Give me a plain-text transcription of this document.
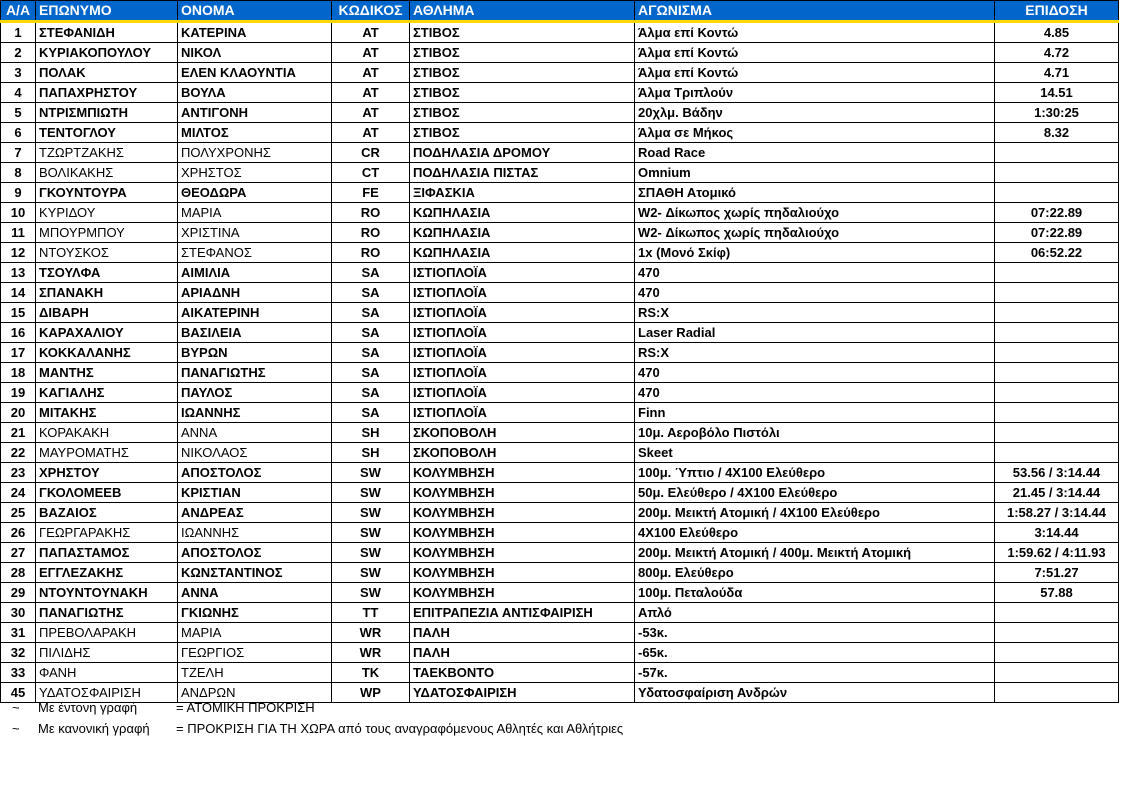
Α/Α	ΕΠΩΝΥΜΟ	ΟΝΟΜΑ	ΚΩΔΙΚΟΣ	ΑΘΛΗΜΑ	ΑΓΩΝΙΣΜΑ	ΕΠΙΔΟΣΗ
1	ΣΤΕΦΑΝΙΔΗ	ΚΑΤΕΡΙΝΑ	AT	ΣΤΙΒΟΣ	Άλμα επί Κοντώ	4.85
2	ΚΥΡΙΑΚΟΠΟΥΛΟΥ	ΝΙΚΟΛ	AT	ΣΤΙΒΟΣ	Άλμα επί Κοντώ	4.72
3	ΠΟΛΑΚ	ΕΛΕΝ ΚΛΑΟΥΝΤΙΑ	AT	ΣΤΙΒΟΣ	Άλμα επί Κοντώ	4.71
4	ΠΑΠΑΧΡΗΣΤΟΥ	ΒΟΥΛΑ	AT	ΣΤΙΒΟΣ	Άλμα Τριπλούν	14.51
5	ΝΤΡΙΣΜΠΙΩΤΗ	ΑΝΤΙΓΟΝΗ	AT	ΣΤΙΒΟΣ	20χλμ. Βάδην	1:30:25
6	ΤΕΝΤΟΓΛΟΥ	ΜΙΛΤΟΣ	AT	ΣΤΙΒΟΣ	Άλμα σε Μήκος	8.32
7	ΤΖΩΡΤΖΑΚΗΣ	ΠΟΛΥΧΡΟΝΗΣ	CR	ΠΟΔΗΛΑΣΙΑ ΔΡΟΜΟΥ	Road Race	
8	ΒΟΛΙΚΑΚΗΣ	ΧΡΗΣΤΟΣ	CT	ΠΟΔΗΛΑΣΙΑ ΠΙΣΤΑΣ	Omnium	
9	ΓΚΟΥΝΤΟΥΡΑ	ΘΕΟΔΩΡΑ	FE	ΞΙΦΑΣΚΙΑ	ΣΠΑΘΗ Ατομικό	
10	ΚΥΡΙΔΟΥ	ΜΑΡΙΑ	RO	ΚΩΠΗΛΑΣΙΑ	W2- Δίκωπος χωρίς πηδαλιούχο	07:22.89
11	ΜΠΟΥΡΜΠΟΥ	ΧΡΙΣΤΙΝΑ	RO	ΚΩΠΗΛΑΣΙΑ	W2- Δίκωπος χωρίς πηδαλιούχο	07:22.89
12	ΝΤΟΥΣΚΟΣ	ΣΤΕΦΑΝΟΣ	RO	ΚΩΠΗΛΑΣΙΑ	1x (Μονό Σκίφ)	06:52.22
13	ΤΣΟΥΛΦΑ	ΑΙΜΙΛΙΑ	SA	ΙΣΤΙΟΠΛΟΪΑ	470	
14	ΣΠΑΝΑΚΗ	ΑΡΙΑΔΝΗ	SA	ΙΣΤΙΟΠΛΟΪΑ	470	
15	ΔΙΒΑΡΗ	ΑΙΚΑΤΕΡΙΝΗ	SA	ΙΣΤΙΟΠΛΟΪΑ	RS:X	
16	ΚΑΡΑΧΑΛΙΟΥ	ΒΑΣΙΛΕΙΑ	SA	ΙΣΤΙΟΠΛΟΪΑ	Laser Radial	
17	ΚΟΚΚΑΛΑΝΗΣ	ΒΥΡΩΝ	SA	ΙΣΤΙΟΠΛΟΪΑ	RS:X	
18	ΜΑΝΤΗΣ	ΠΑΝΑΓΙΩΤΗΣ	SA	ΙΣΤΙΟΠΛΟΪΑ	470	
19	ΚΑΓΙΑΛΗΣ	ΠΑΥΛΟΣ	SA	ΙΣΤΙΟΠΛΟΪΑ	470	
20	ΜΙΤΑΚΗΣ	ΙΩΑΝΝΗΣ	SA	ΙΣΤΙΟΠΛΟΪΑ	Finn	
21	ΚΟΡΑΚΑΚΗ	ΑΝΝΑ	SH	ΣΚΟΠΟΒΟΛΗ	10μ. Αεροβόλο Πιστόλι	
22	ΜΑΥΡΟΜΑΤΗΣ	ΝΙΚΟΛΑΟΣ	SH	ΣΚΟΠΟΒΟΛΗ	Skeet	
23	ΧΡΗΣΤΟΥ	ΑΠΟΣΤΟΛΟΣ	SW	ΚΟΛΥΜΒΗΣΗ	100μ. Ύπτιο / 4Χ100 Ελεύθερο	53.56 / 3:14.44
24	ΓΚΟΛΟΜΕΕΒ	ΚΡΙΣΤΙΑΝ	SW	ΚΟΛΥΜΒΗΣΗ	50μ. Ελεύθερο / 4Χ100 Ελεύθερο	21.45 / 3:14.44
25	ΒΑΖΑΙΟΣ	ΑΝΔΡΕΑΣ	SW	ΚΟΛΥΜΒΗΣΗ	200μ. Μεικτή Ατομική / 4Χ100 Ελεύθερο	1:58.27 / 3:14.44
26	ΓΕΩΡΓΑΡΑΚΗΣ	ΙΩΑΝΝΗΣ	SW	ΚΟΛΥΜΒΗΣΗ	4Χ100 Ελεύθερο	3:14.44
27	ΠΑΠΑΣΤΑΜΟΣ	ΑΠΟΣΤΟΛΟΣ	SW	ΚΟΛΥΜΒΗΣΗ	200μ. Μεικτή Ατομική / 400μ. Μεικτή Ατομική	1:59.62 / 4:11.93
28	ΕΓΓΛΕΖΑΚΗΣ	ΚΩΝΣΤΑΝΤΙΝΟΣ	SW	ΚΟΛΥΜΒΗΣΗ	800μ. Ελεύθερο	7:51.27
29	ΝΤΟΥΝΤΟΥΝΑΚΗ	ΑΝΝΑ	SW	ΚΟΛΥΜΒΗΣΗ	100μ. Πεταλούδα	57.88
30	ΠΑΝΑΓΙΩΤΗΣ	ΓΚΙΩΝΗΣ	TT	ΕΠΙΤΡΑΠΕΖΙΑ ΑΝΤΙΣΦΑΙΡΙΣΗ	Απλό	
31	ΠΡΕΒΟΛΑΡΑΚΗ	ΜΑΡΙΑ	WR	ΠΑΛΗ	-53κ.	
32	ΠΙΛΙΔΗΣ	ΓΕΩΡΓΙΟΣ	WR	ΠΑΛΗ	-65κ.	
33	ΦΑΝΗ	ΤΖΕΛΗ	TK	ΤΑΕΚΒΟΝΤΟ	-57κ.	
45	ΥΔΑΤΟΣΦΑΙΡΙΣΗ	ΑΝΔΡΩΝ	WP	ΥΔΑΤΟΣΦΑΙΡΙΣΗ	Υδατοσφαίριση Ανδρών	
~ Με έντονη γραφή	= ΑΤΟΜΙΚΗ ΠΡΟΚΡΙΣΗ
~ Με κανονική γραφή = ΠΡΟΚΡΙΣΗ ΓΙΑ ΤΗ ΧΩΡΑ από τους αναγραφόμενους Αθλητές και Αθλήτριες
